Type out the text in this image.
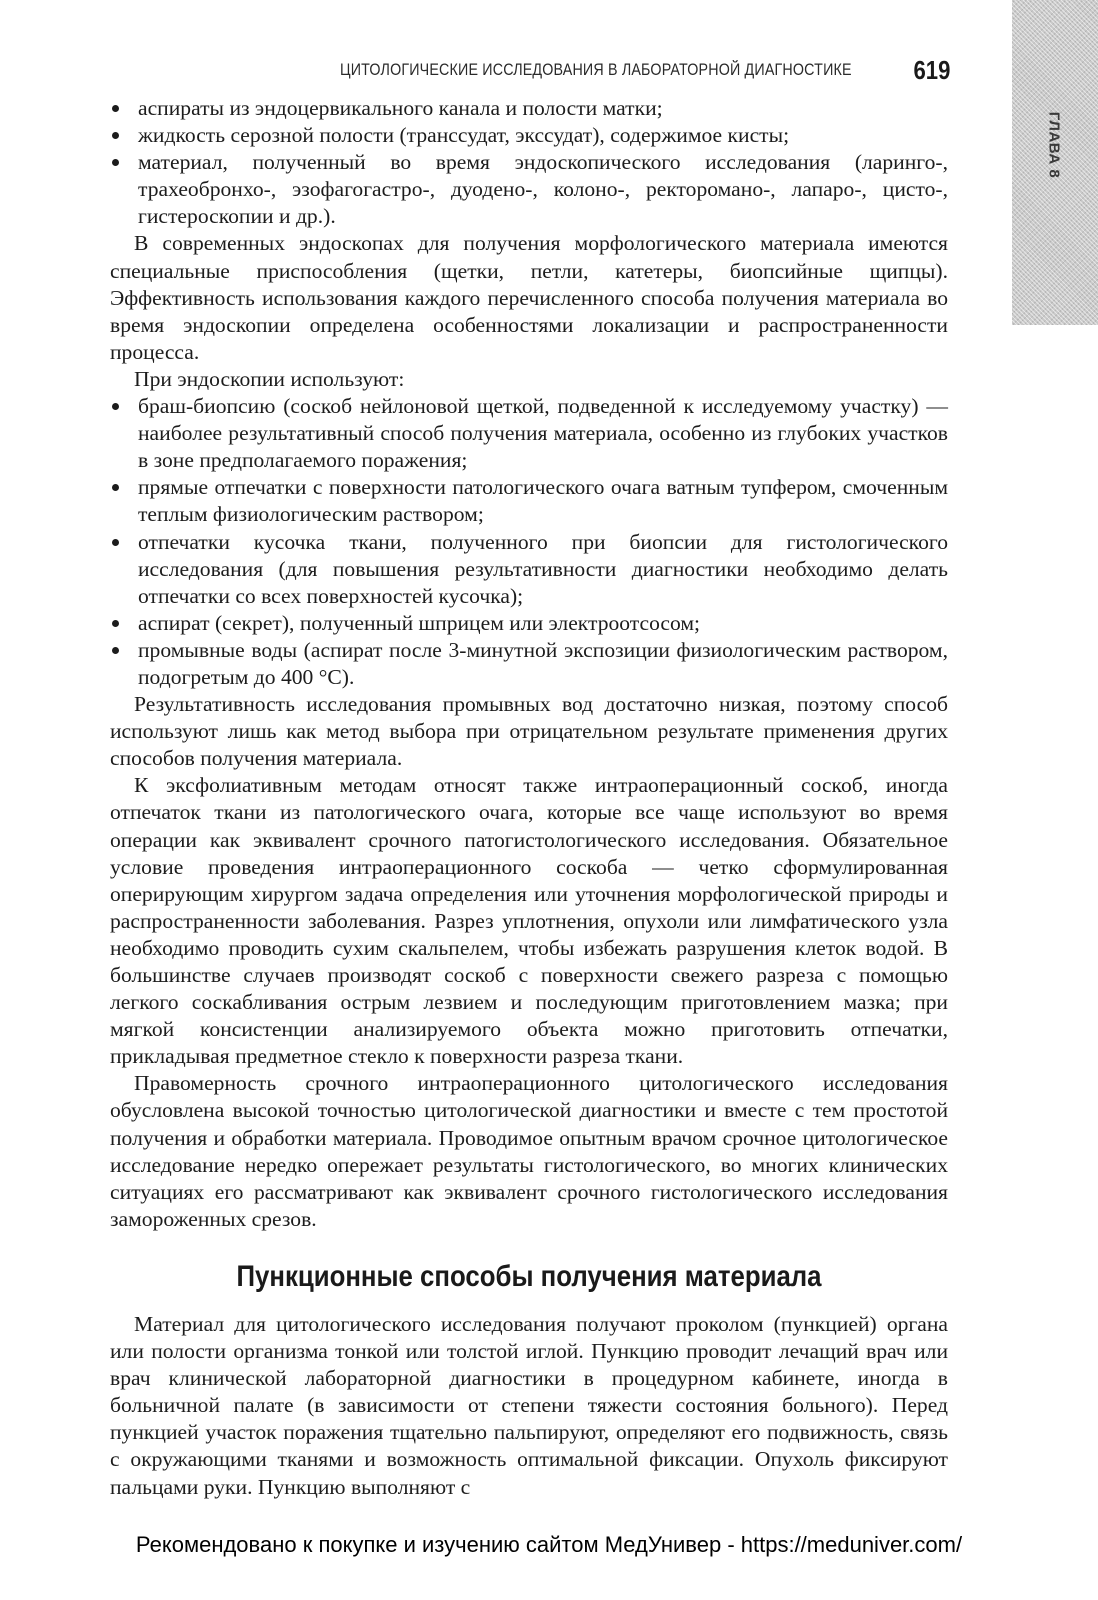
ГЛАВА 8
ЦИТОЛОГИЧЕСКИЕ ИССЛЕДОВАНИЯ В ЛАБОРАТОРНОЙ ДИАГНОСТИКЕ 619
аспираты из эндоцервикального канала и полости матки;
жидкость серозной полости (транссудат, экссудат), содержимое кисты;
материал, полученный во время эндоскопического исследования (ларинго-, трахеобронхо-, эзофагогастро-, дуодено-, колоно-, ректоромано-, лапаро-, цисто-, гистероскопии и др.).

В современных эндоскопах для получения морфологического материала имеются специальные приспособления (щетки, петли, катетеры, биопсийные щипцы). Эффективность использования каждого перечисленного способа получения материала во время эндоскопии определена особенностями локализации и распространенности процесса.

При эндоскопии используют:

браш-биопсию (соскоб нейлоновой щеткой, подведенной к исследуемому участку) — наиболее результативный способ получения материала, особенно из глубоких участков в зоне предполагаемого поражения;
прямые отпечатки с поверхности патологического очага ватным тупфером, смоченным теплым физиологическим раствором;
отпечатки кусочка ткани, полученного при биопсии для гистологического исследования (для повышения результативности диагностики необходимо делать отпечатки со всех поверхностей кусочка);
аспират (секрет), полученный шприцем или электроотсосом;
промывные воды (аспират после 3-минутной экспозиции физиологическим раствором, подогретым до 400 °С).

Результативность исследования промывных вод достаточно низкая, поэтому способ используют лишь как метод выбора при отрицательном результате применения других способов получения материала.

К эксфолиативным методам относят также интраоперационный соскоб, иногда отпечаток ткани из патологического очага, которые все чаще используют во время операции как эквивалент срочного патогистологического исследования. Обязательное условие проведения интраоперационного соскоба — четко сформулированная оперирующим хирургом задача определения или уточнения морфологической природы и распространенности заболевания. Разрез уплотнения, опухоли или лимфатического узла необходимо проводить сухим скальпелем, чтобы избежать разрушения клеток водой. В большинстве случаев производят соскоб с поверхности свежего разреза с помощью легкого соскабливания острым лезвием и последующим приготовлением мазка; при мягкой консистенции анализируемого объекта можно приготовить отпечатки, прикладывая предметное стекло к поверхности разреза ткани.

Правомерность срочного интраоперационного цитологического исследования обусловлена высокой точностью цитологической диагностики и вместе с тем простотой получения и обработки материала. Проводимое опытным врачом срочное цитологическое исследование нередко опережает результаты гистологического, во многих клинических ситуациях его рассматривают как эквивалент срочного гистологического исследования замороженных срезов.

Пункционные способы получения материала

Материал для цитологического исследования получают проколом (пункцией) органа или полости организма тонкой или толстой иглой. Пункцию проводит лечащий врач или врач клинической лабораторной диагностики в процедурном кабинете, иногда в больничной палате (в зависимости от степени тяжести состояния больного). Перед пункцией участок поражения тщательно пальпируют, определяют его подвижность, связь с окружающими тканями и возможность оптимальной фиксации. Опухоль фиксируют пальцами руки. Пункцию выполняют с

Рекомендовано к покупке и изучению сайтом МедУнивер - https://meduniver.com/
